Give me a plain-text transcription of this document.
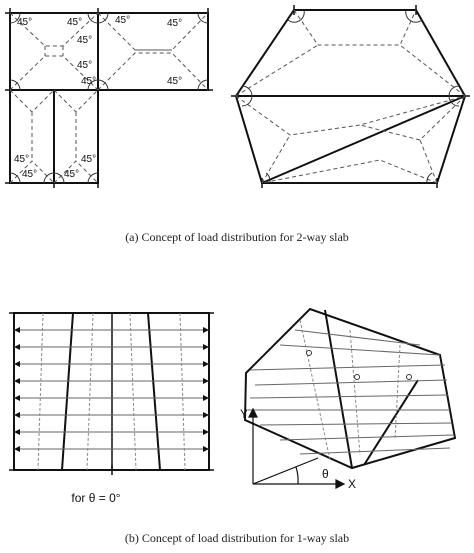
45°	45°	45°	45°
45°
45°
45°	45°
45°
45°
45°
45°
for θ = 0°
X
Y
θ
(a) Concept of load distribution for 2-way slab
(b) Concept of load distribution for 1-way slab
